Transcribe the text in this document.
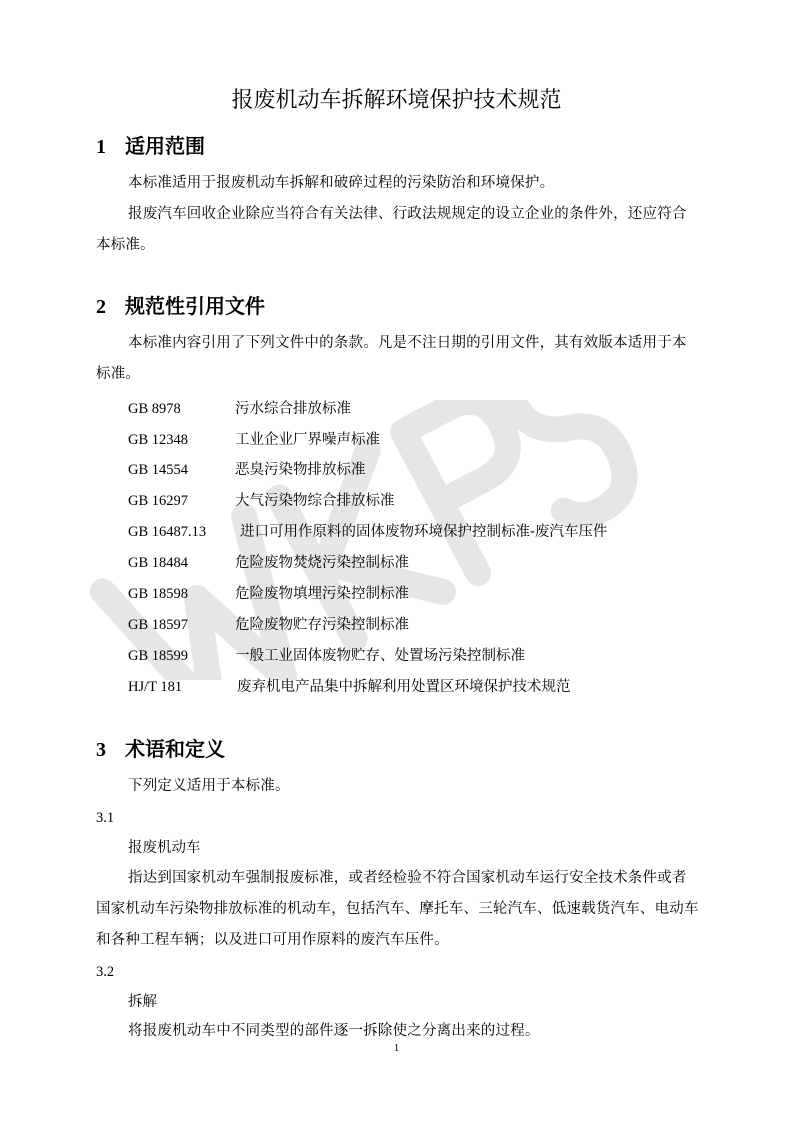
报废机动车拆解环境保护技术规范
1 适用范围
本标准适用于报废机动车拆解和破碎过程的污染防治和环境保护。
报废汽车回收企业除应当符合有关法律、行政法规规定的设立企业的条件外，还应符合本标准。
2 规范性引用文件
本标准内容引用了下列文件中的条款。凡是不注日期的引用文件，其有效版本适用于本标准。
GB 8978	污水综合排放标准
GB 12348	工业企业厂界噪声标准
GB 14554	恶臭污染物排放标准
GB 16297	大气污染物综合排放标准
GB 16487.13 进口可用作原料的固体废物环境保护控制标准-废汽车压件
GB 18484	危险废物焚烧污染控制标准
GB 18598	危险废物填埋污染控制标准
GB 18597	危险废物贮存污染控制标准
GB 18599	一般工业固体废物贮存、处置场污染控制标准
HJ/T 181	废弃机电产品集中拆解利用处置区环境保护技术规范
3 术语和定义
下列定义适用于本标准。
3.1
报废机动车
指达到国家机动车强制报废标准，或者经检验不符合国家机动车运行安全技术条件或者国家机动车污染物排放标准的机动车，包括汽车、摩托车、三轮汽车、低速载货汽车、电动车和各种工程车辆；以及进口可用作原料的废汽车压件。
3.2
拆解
将报废机动车中不同类型的部件逐一拆除使之分离出来的过程。
1
